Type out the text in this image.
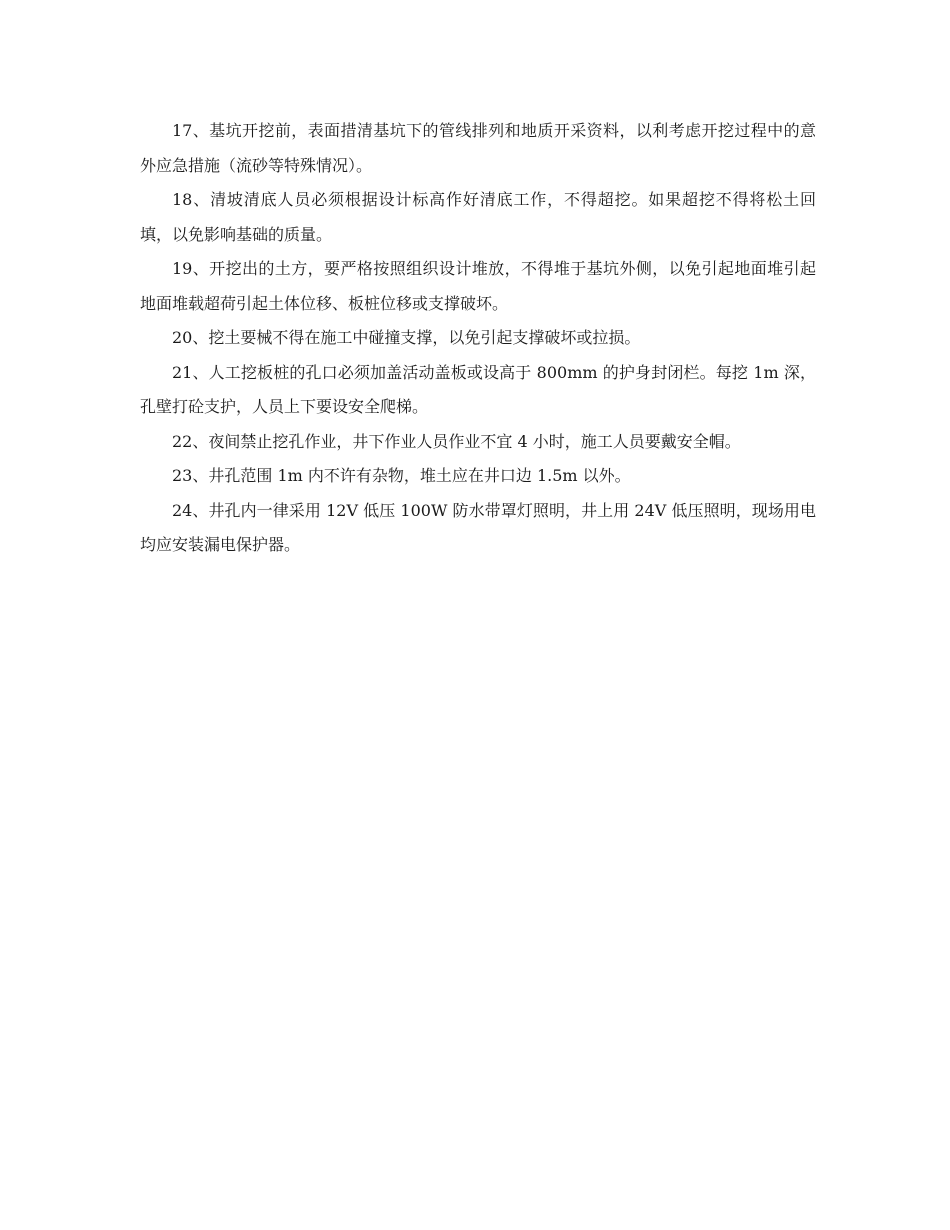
17、基坑开挖前，表面措清基坑下的管线排列和地质开采资料，以利考虑开挖过程中的意外应急措施（流砂等特殊情况）。

18、清坡清底人员必须根据设计标高作好清底工作，不得超挖。如果超挖不得将松土回填，以免影响基础的质量。

19、开挖出的土方，要严格按照组织设计堆放，不得堆于基坑外侧，以免引起地面堆引起地面堆载超荷引起土体位移、板桩位移或支撑破坏。

20、挖土要械不得在施工中碰撞支撑，以免引起支撑破坏或拉损。

21、人工挖板桩的孔口必须加盖活动盖板或设高于 800mm 的护身封闭栏。每挖 1m 深，孔壁打砼支护，人员上下要设安全爬梯。

22、夜间禁止挖孔作业，井下作业人员作业不宜 4 小时，施工人员要戴安全帽。

23、井孔范围 1m 内不许有杂物，堆土应在井口边 1.5m 以外。

24、井孔内一律采用 12V 低压 100W 防水带罩灯照明，井上用 24V 低压照明，现场用电均应安装漏电保护器。
